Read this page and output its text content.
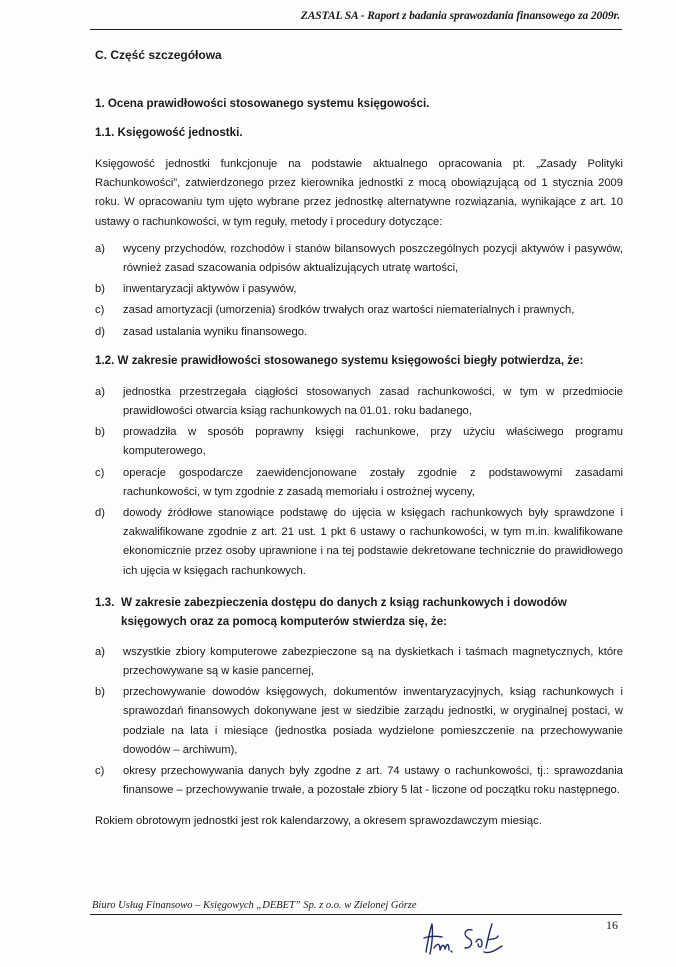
ZASTAL SA - Raport z badania sprawozdania finansowego za 2009r.
C. Część szczegółowa
1. Ocena prawidłowości stosowanego systemu księgowości.
1.1. Księgowość jednostki.

Księgowość jednostki funkcjonuje na podstawie aktualnego opracowania pt. „Zasady Polityki Rachunkowości”, zatwierdzonego przez kierownika jednostki z mocą obowiązującą od 1 stycznia 2009 roku. W opracowaniu tym ujęto wybrane przez jednostkę alternatywne rozwiązania, wynikające z art. 10 ustawy o rachunkowości, w tym reguły, metody i procedury dotyczące:

a) wyceny przychodów, rozchodów i stanów bilansowych poszczególnych pozycji aktywów i pasywów, również zasad szacowania odpisów aktualizujących utratę wartości,
b) inwentaryzacji aktywów i pasywów,
c) zasad amortyzacji (umorzenia) środków trwałych oraz wartości niematerialnych i prawnych,
d) zasad ustalania wyniku finansowego.
1.2. W zakresie prawidłowości stosowanego systemu księgowości biegły potwierdza, że:
a) jednostka przestrzegała ciągłości stosowanych zasad rachunkowości, w tym w przedmiocie prawidłowości otwarcia ksiąg rachunkowych na 01.01. roku badanego,
b) prowadziła w sposób poprawny księgi rachunkowe, przy użyciu właściwego programu komputerowego,
c) operacje gospodarcze zaewidencjonowane zostały zgodnie z podstawowymi zasadami rachunkowości, w tym zgodnie z zasadą memoriału i ostrożnej wyceny,
d) dowody źródłowe stanowiące podstawę do ujęcia w księgach rachunkowych były sprawdzone i zakwalifikowane zgodnie z art. 21 ust. 1 pkt 6 ustawy o rachunkowości, w tym m.in. kwalifikowane ekonomicznie przez osoby uprawnione i na tej podstawie dekretowane technicznie do prawidłowego ich ujęcia w księgach rachunkowych.
1.3. W zakresie zabezpieczenia dostępu do danych z ksiąg rachunkowych i dowodów
księgowych oraz za pomocą komputerów stwierdza się, że:
a) wszystkie zbiory komputerowe zabezpieczone są na dyskietkach i taśmach magnetycznych, które przechowywane są w kasie pancernej,
b) przechowywanie dowodów księgowych, dokumentów inwentaryzacyjnych, ksiąg rachunkowych i sprawozdań finansowych dokonywane jest w siedzibie zarządu jednostki, w oryginalnej postaci, w podziale na lata i miesiące (jednostka posiada wydzielone pomieszczenie na przechowywanie dowodów – archiwum),
c) okresy przechowywania danych były zgodne z art. 74 ustawy o rachunkowości, tj.: sprawozdania finansowe – przechowywanie trwałe, a pozostałe zbiory 5 lat - liczone od początku roku następnego.

Rokiem obrotowym jednostki jest rok kalendarzowy, a okresem sprawozdawczym miesiąc.

Biuro Usług Finansowo – Księgowych „DEBET” Sp. z o.o. w Zielonej Górze
16
